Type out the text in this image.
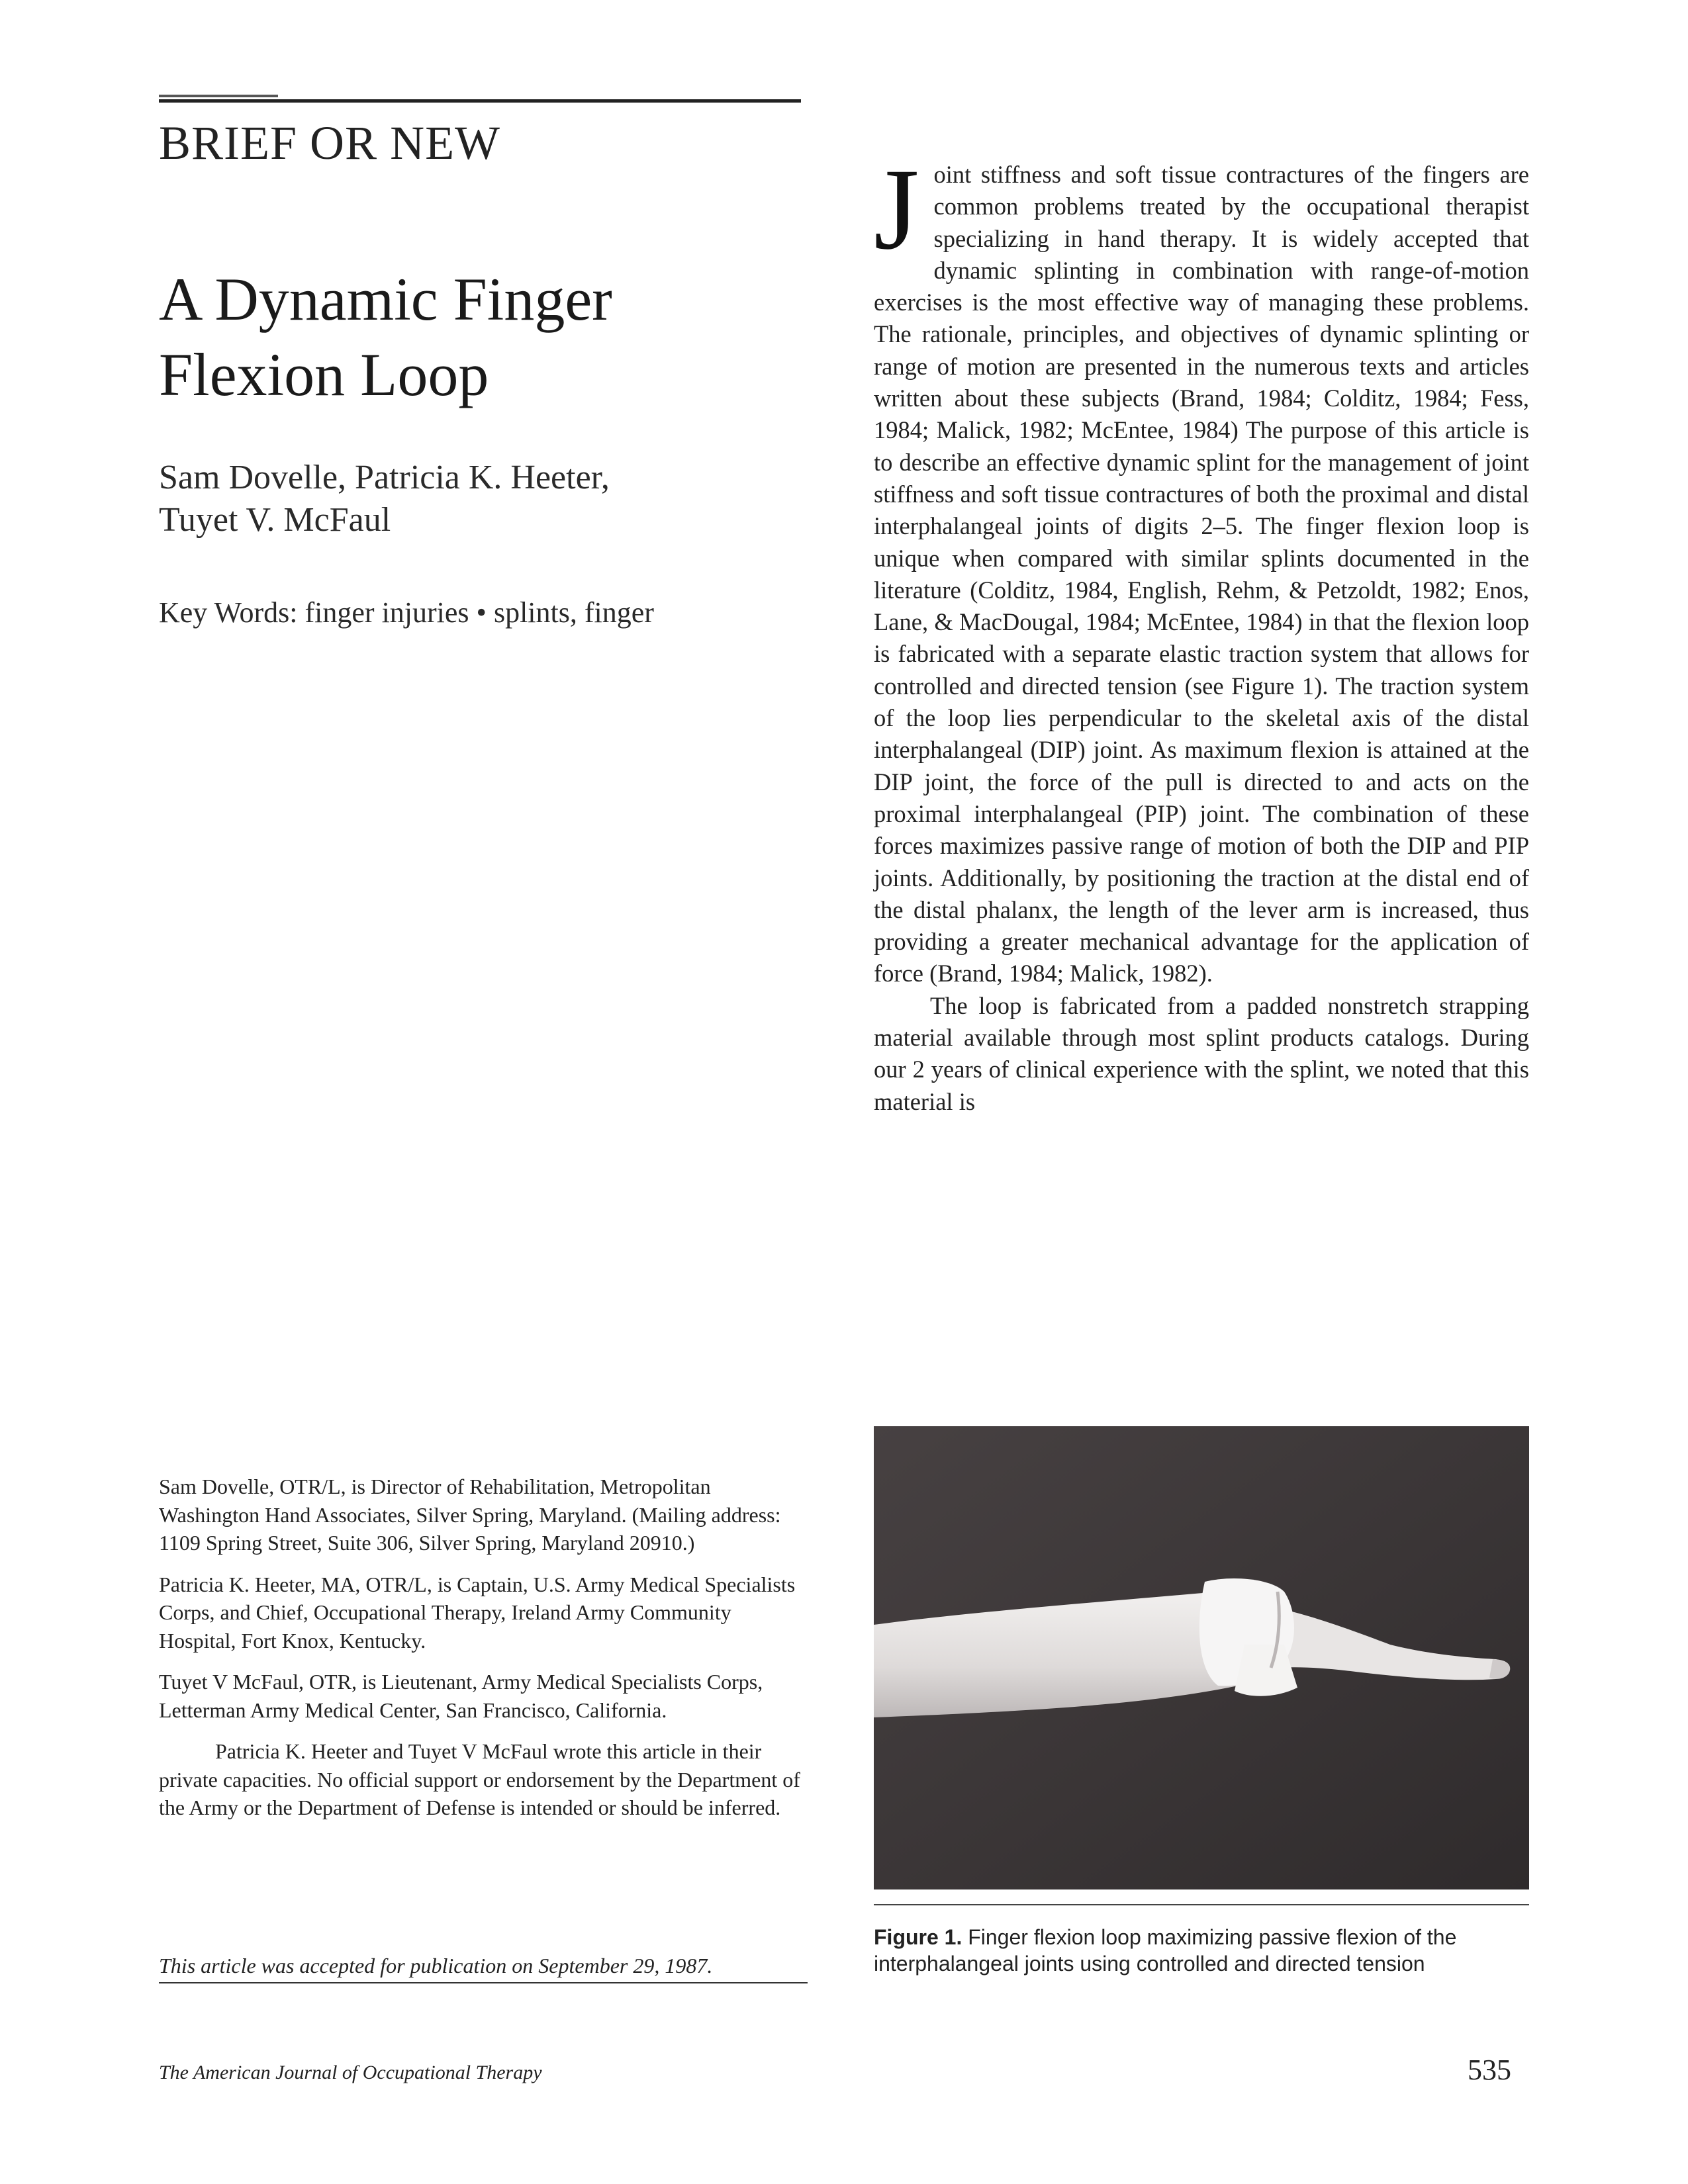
BRIEF OR NEW
A Dynamic Finger
Flexion Loop
Sam Dovelle, Patricia K. Heeter,
Tuyet V. McFaul
Key Words: finger injuries • splints, finger

Joint stiffness and soft tissue contractures of the fingers are common problems treated by the occupational therapist specializing in hand therapy. It is widely accepted that dynamic splinting in combination with range-of-motion exercises is the most effective way of managing these problems. The rationale, principles, and objectives of dynamic splinting or range of motion are presented in the numerous texts and articles written about these subjects (Brand, 1984; Colditz, 1984; Fess, 1984; Malick, 1982; McEntee, 1984) The purpose of this article is to describe an effective dynamic splint for the management of joint stiffness and soft tissue contractures of both the proximal and distal interphalangeal joints of digits 2–5. The finger flexion loop is unique when compared with similar splints documented in the literature (Colditz, 1984, English, Rehm, & Petzoldt, 1982; Enos, Lane, & MacDougal, 1984; McEntee, 1984) in that the flexion loop is fabricated with a separate elastic traction system that allows for controlled and directed tension (see Figure 1). The traction system of the loop lies perpendicular to the skeletal axis of the distal interphalangeal (DIP) joint. As maximum flexion is attained at the DIP joint, the force of the pull is directed to and acts on the proximal interphalangeal (PIP) joint. The combination of these forces maximizes passive range of motion of both the DIP and PIP joints. Additionally, by positioning the traction at the distal end of the distal phalanx, the length of the lever arm is increased, thus providing a greater mechanical advantage for the application of force (Brand, 1984; Malick, 1982).

The loop is fabricated from a padded nonstretch strapping material available through most splint products catalogs. During our 2 years of clinical experience with the splint, we noted that this material is

Figure 1. Finger flexion loop maximizing passive flexion of the interphalangeal joints using controlled and directed tension

Sam Dovelle, OTR/L, is Director of Rehabilitation, Metropolitan Washington Hand Associates, Silver Spring, Maryland. (Mailing address: 1109 Spring Street, Suite 306, Silver Spring, Maryland 20910.)

Patricia K. Heeter, MA, OTR/L, is Captain, U.S. Army Medical Specialists Corps, and Chief, Occupational Therapy, Ireland Army Community Hospital, Fort Knox, Kentucky.

Tuyet V McFaul, OTR, is Lieutenant, Army Medical Specialists Corps, Letterman Army Medical Center, San Francisco, California.

Patricia K. Heeter and Tuyet V McFaul wrote this article in their private capacities. No official support or endorsement by the Department of the Army or the Department of Defense is intended or should be inferred.

This article was accepted for publication on September 29, 1987.
The American Journal of Occupational Therapy	535
